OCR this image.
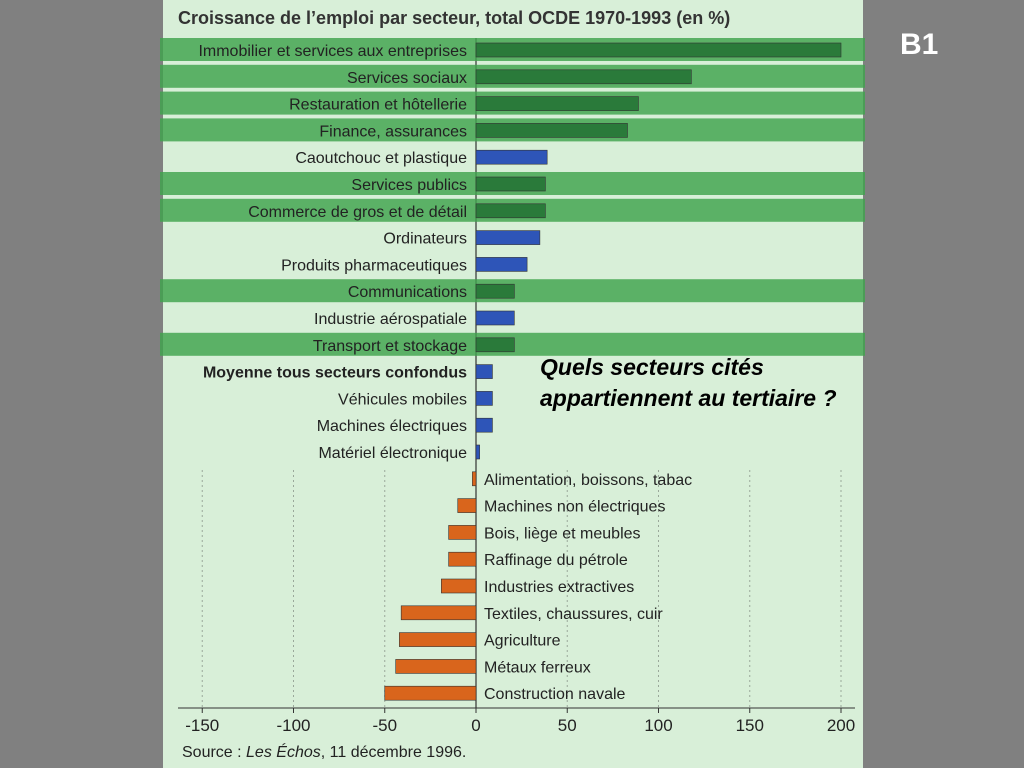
Immobilier et services aux entreprises
Services sociaux
Restauration et hôtellerie
Finance, assurances
Caoutchouc et plastique
Services publics
Commerce de gros et de détail
Ordinateurs
Produits pharmaceutiques
Communications
Industrie aérospatiale
Transport et stockage
Moyenne tous secteurs confondus
Véhicules mobiles
Machines électriques
Matériel électronique
Alimentation, boissons, tabac
Machines non électriques
Bois, liège et meubles
Raffinage du pétrole
Industries extractives
Textiles, chaussures, cuir
Agriculture
Métaux ferreux
Construction navale
-150	-100	-50	0	50	100	150	200
Croissance de l’emploi par secteur, total OCDE 1970-1993 (en %)
Source : Les Échos, 11 décembre 1996.
B1
Quels secteurs cités appartiennent au tertiaire ?
